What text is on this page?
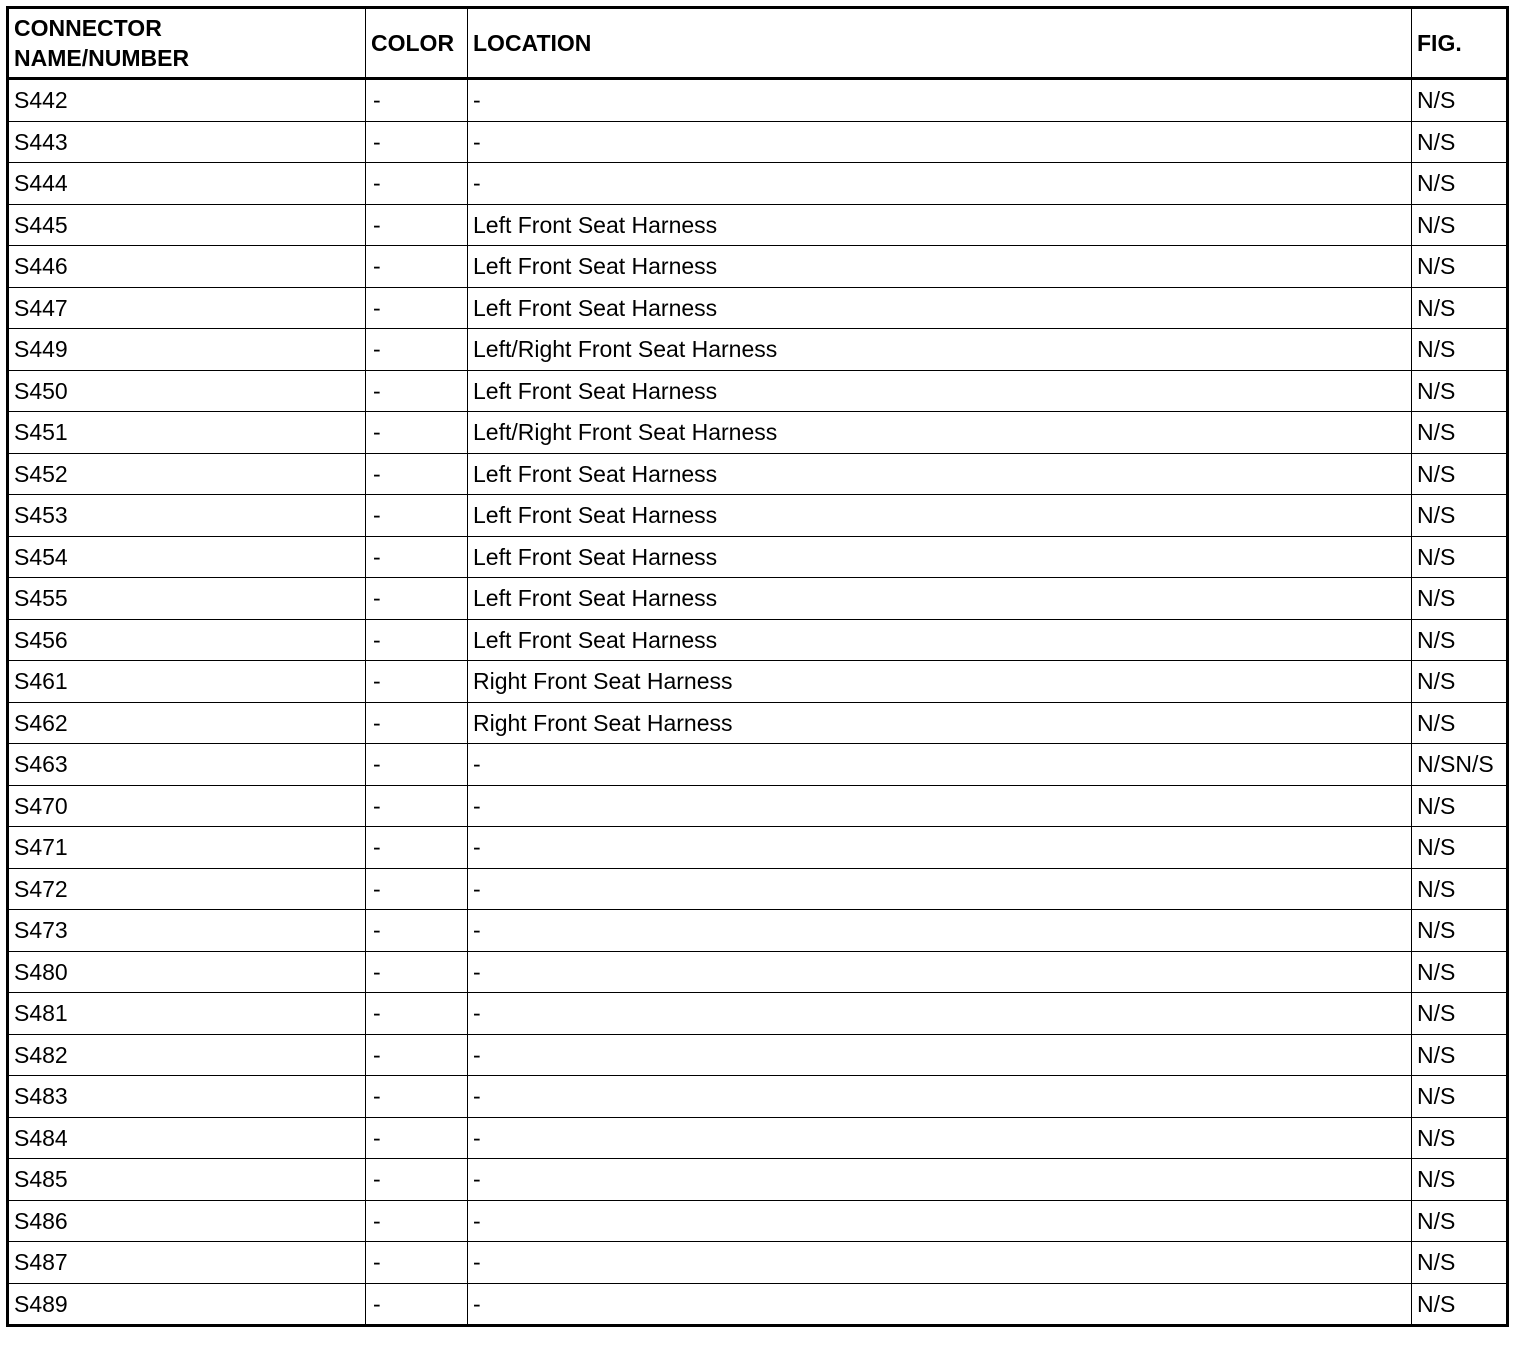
CONNECTOR
NAME/NUMBER	COLOR	LOCATION	FIG.
S442	-	-	N/S
S443	-	-	N/S
S444	-	-	N/S
S445	-	Left Front Seat Harness	N/S
S446	-	Left Front Seat Harness	N/S
S447	-	Left Front Seat Harness	N/S
S449	-	Left/Right Front Seat Harness	N/S
S450	-	Left Front Seat Harness	N/S
S451	-	Left/Right Front Seat Harness	N/S
S452	-	Left Front Seat Harness	N/S
S453	-	Left Front Seat Harness	N/S
S454	-	Left Front Seat Harness	N/S
S455	-	Left Front Seat Harness	N/S
S456	-	Left Front Seat Harness	N/S
S461	-	Right Front Seat Harness	N/S
S462	-	Right Front Seat Harness	N/S
S463	-	-	N/SN/S
S470	-	-	N/S
S471	-	-	N/S
S472	-	-	N/S
S473	-	-	N/S
S480	-	-	N/S
S481	-	-	N/S
S482	-	-	N/S
S483	-	-	N/S
S484	-	-	N/S
S485	-	-	N/S
S486	-	-	N/S
S487	-	-	N/S
S489	-	-	N/S
